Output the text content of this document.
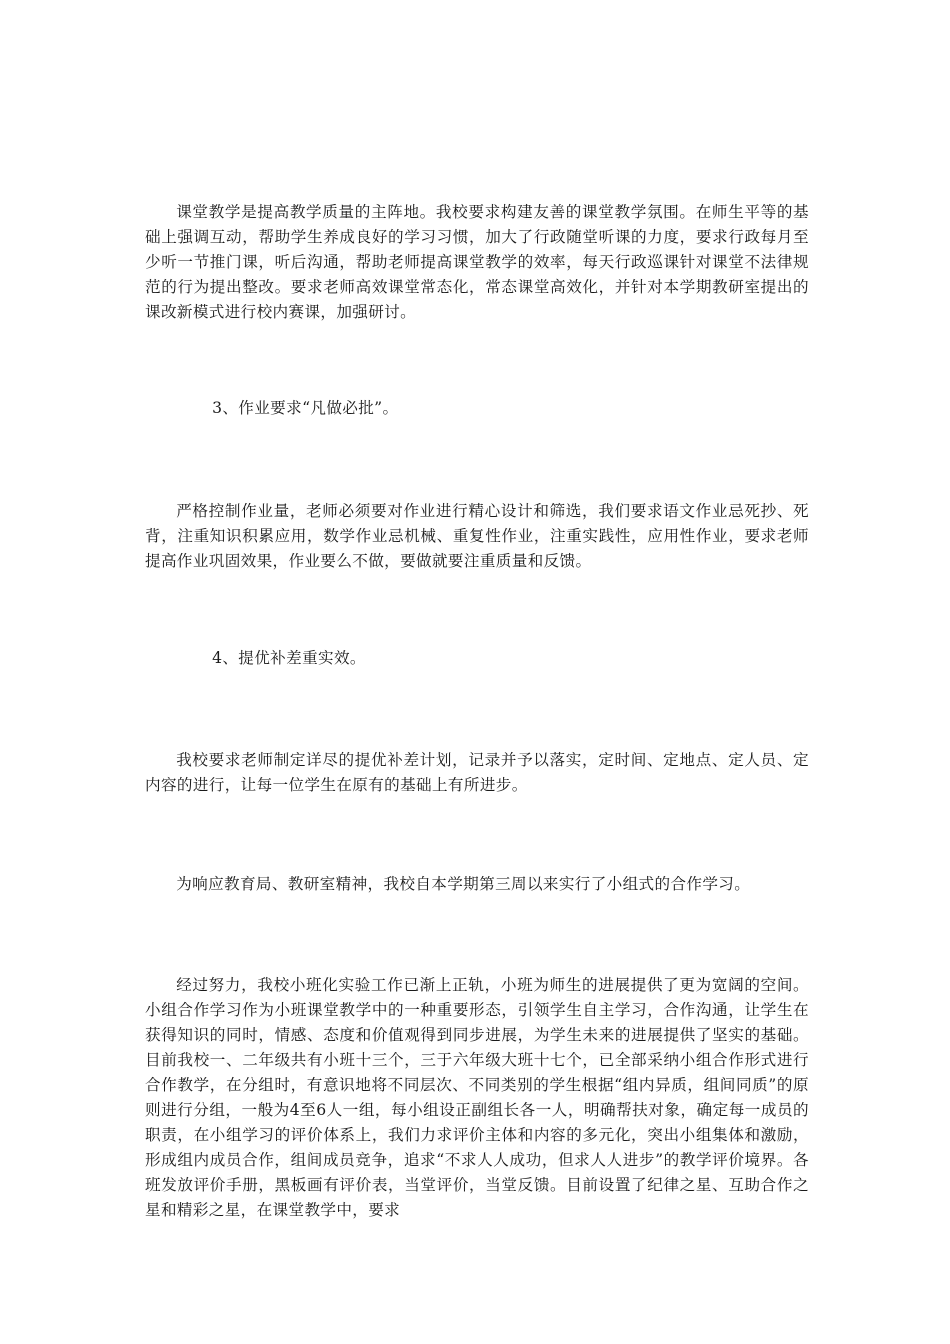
课堂教学是提高教学质量的主阵地。我校要求构建友善的课堂教学氛围。在师生平等的基础上强调互动，帮助学生养成良好的学习习惯，加大了行政随堂听课的力度，要求行政每月至少听一节推门课，听后沟通，帮助老师提高课堂教学的效率，每天行政巡课针对课堂不法律规范的行为提出整改。要求老师高效课堂常态化，常态课堂高效化，并针对本学期教研室提出的课改新模式进行校内赛课，加强研讨。

3、作业要求“凡做必批”。

严格控制作业量，老师必须要对作业进行精心设计和筛选，我们要求语文作业忌死抄、死背，注重知识积累应用，数学作业忌机械、重复性作业，注重实践性，应用性作业，要求老师提高作业巩固效果，作业要么不做，要做就要注重质量和反馈。

4、提优补差重实效。

我校要求老师制定详尽的提优补差计划，记录并予以落实，定时间、定地点、定人员、定内容的进行，让每一位学生在原有的基础上有所进步。

为响应教育局、教研室精神，我校自本学期第三周以来实行了小组式的合作学习。

经过努力，我校小班化实验工作已渐上正轨，小班为师生的进展提供了更为宽阔的空间。小组合作学习作为小班课堂教学中的一种重要形态，引领学生自主学习，合作沟通，让学生在获得知识的同时，情感、态度和价值观得到同步进展，为学生未来的进展提供了坚实的基础。目前我校一、二年级共有小班十三个，三于六年级大班十七个，已全部采纳小组合作形式进行合作教学，在分组时，有意识地将不同层次、不同类别的学生根据“组内异质，组间同质”的原则进行分组，一般为4至6人一组，每小组设正副组长各一人，明确帮扶对象，确定每一成员的职责，在小组学习的评价体系上，我们力求评价主体和内容的多元化，突出小组集体和激励，形成组内成员合作，组间成员竞争，追求“不求人人成功，但求人人进步”的教学评价境界。各班发放评价手册，黑板画有评价表，当堂评价，当堂反馈。目前设置了纪律之星、互助合作之星和精彩之星，在课堂教学中，要求
